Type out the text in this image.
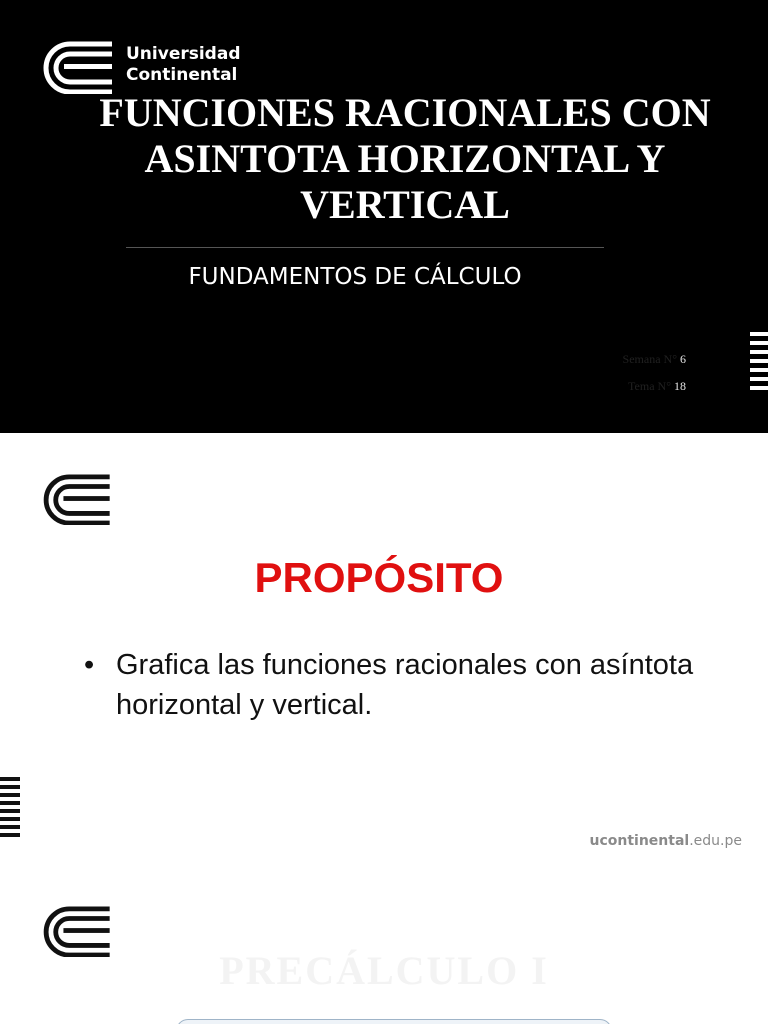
Universidad
Continental
FUNCIONES RACIONALES CON ASINTOTA HORIZONTAL Y VERTICAL
FUNDAMENTOS DE CÁLCULO
Semana N° 6
Tema N° 18
PROPÓSITO
• Grafica las funciones racionales con asíntota horizontal y vertical.
ucontinental.edu.pe
PRECÁLCULO I
